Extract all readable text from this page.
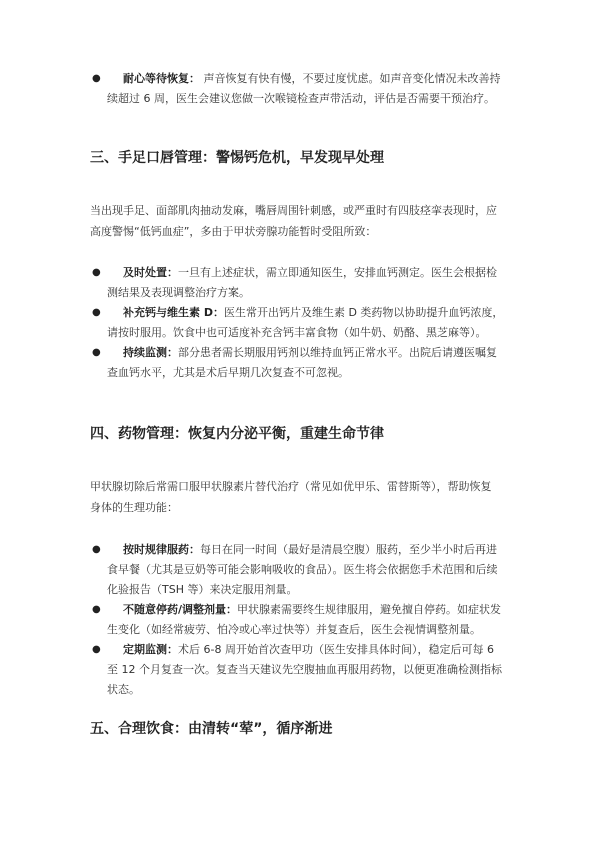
●	耐心等待恢复： 声音恢复有快有慢，不要过度忧虑。如声音变化情况未改善持续超过 6 周，医生会建议您做一次喉镜检查声带活动，评估是否需要干预治疗。
三、手足口唇管理：警惕钙危机，早发现早处理

当出现手足、面部肌肉抽动发麻，嘴唇周围针刺感，或严重时有四肢痉挛表现时，应高度警惕“低钙血症”，多由于甲状旁腺功能暂时受阻所致：

●	及时处置：一旦有上述症状，需立即通知医生，安排血钙测定。医生会根据检测结果及表现调整治疗方案。
●	补充钙与维生素 D：医生常开出钙片及维生素 D 类药物以协助提升血钙浓度，请按时服用。饮食中也可适度补充含钙丰富食物（如牛奶、奶酪、黑芝麻等）。
●	持续监测：部分患者需长期服用钙剂以维持血钙正常水平。出院后请遵医嘱复查血钙水平，尤其是术后早期几次复查不可忽视。
四、药物管理：恢复内分泌平衡，重建生命节律

甲状腺切除后常需口服甲状腺素片替代治疗（常见如优甲乐、雷替斯等），帮助恢复身体的生理功能：

●	按时规律服药：每日在同一时间（最好是清晨空腹）服药，至少半小时后再进食早餐（尤其是豆奶等可能会影响吸收的食品）。医生将会依据您手术范围和后续化验报告（TSH 等）来决定服用剂量。
●	不随意停药/调整剂量：甲状腺素需要终生规律服用，避免擅自停药。如症状发生变化（如经常疲劳、怕冷或心率过快等）并复查后，医生会视情调整剂量。
●	定期监测：术后 6-8 周开始首次查甲功（医生安排具体时间），稳定后可每 6 至 12 个月复查一次。复查当天建议先空腹抽血再服用药物，以便更准确检测指标状态。
五、合理饮食：由清转“荤”，循序渐进
